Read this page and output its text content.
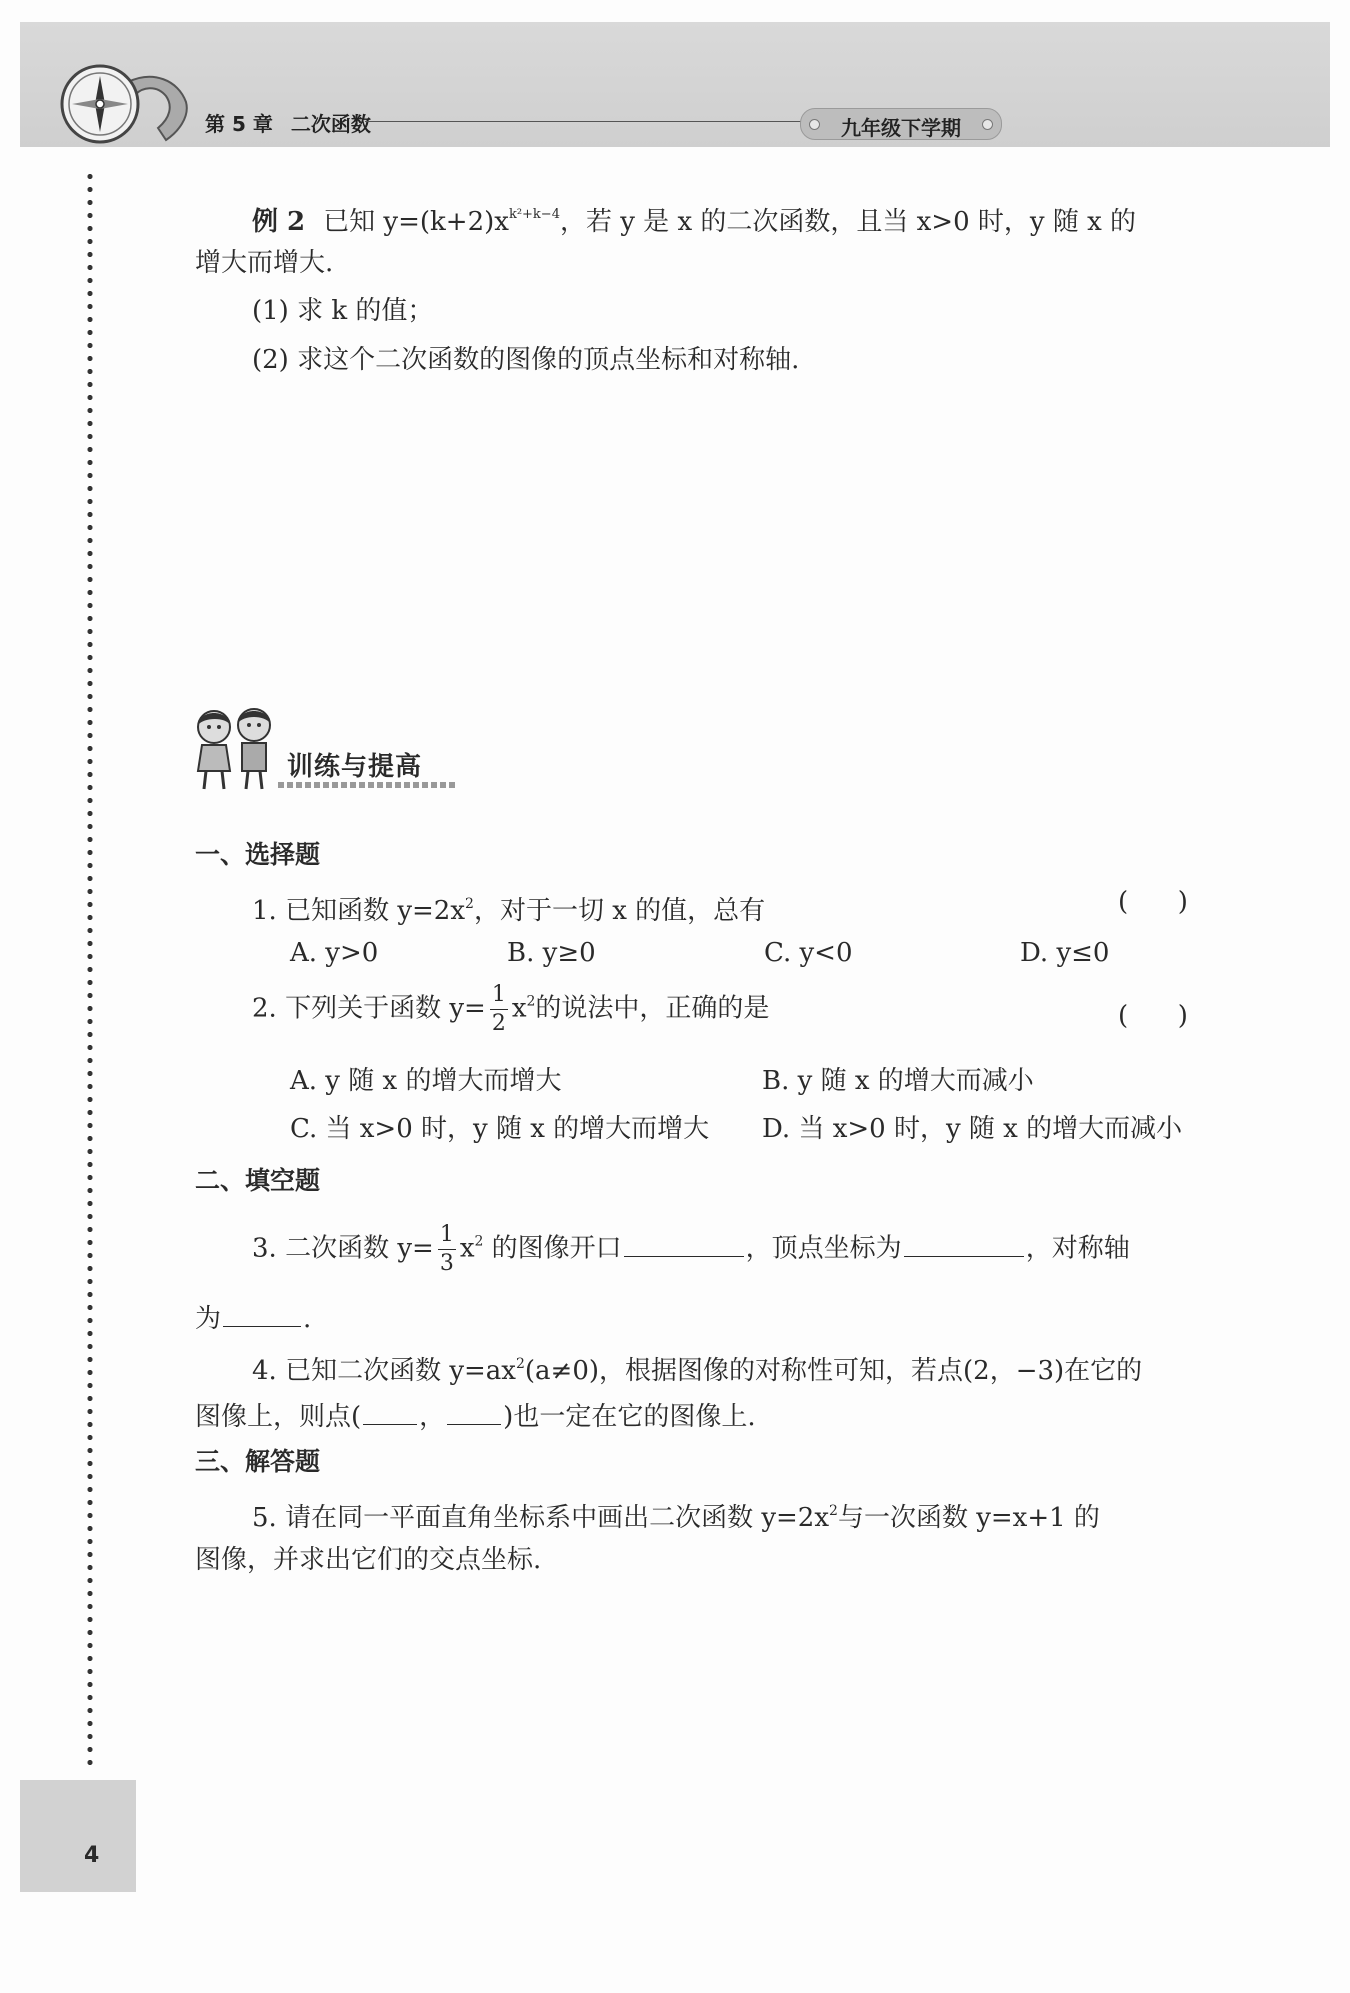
第 5 章 二次函数	九年级下学期
例 2 已知 $y=(k+2)x^{k^2+k-4}$，若 y 是 x 的二次函数，且当 x>0 时，y 随 x 的
增大而增大.
(1) 求 k 的值；
(2) 求这个二次函数的图像的顶点坐标和对称轴.
训练与提高
一、选择题
1. 已知函数 $y=2x^2$，对于一切 x 的值，总有	(      )
A. y>0	B. y≥0	C. y<0	D. y≤0
2. 下列关于函数 $y= \frac{1}{2} x^2$的说法中，正确的是	(      )
A. y 随 x 的增大而增大	B. y 随 x 的增大而减小
C. 当 x>0 时，y 随 x 的增大而增大 D. 当 x>0 时，y 随 x 的增大而减小
二、填空题
3. 二次函数 $y= \frac{1}{3} x^2$ 的图像开口	，顶点坐标为	，对称轴
为	.
4. 已知二次函数 $y=ax^2(a\ne 0)$，根据图像的对称性可知，若点(2，−3)在它的
图像上，则点( ， )也一定在它的图像上.
三、解答题
5. 请在同一平面直角坐标系中画出二次函数 $y=2x^2$与一次函数 y=x+1 的
图像，并求出它们的交点坐标.
4
